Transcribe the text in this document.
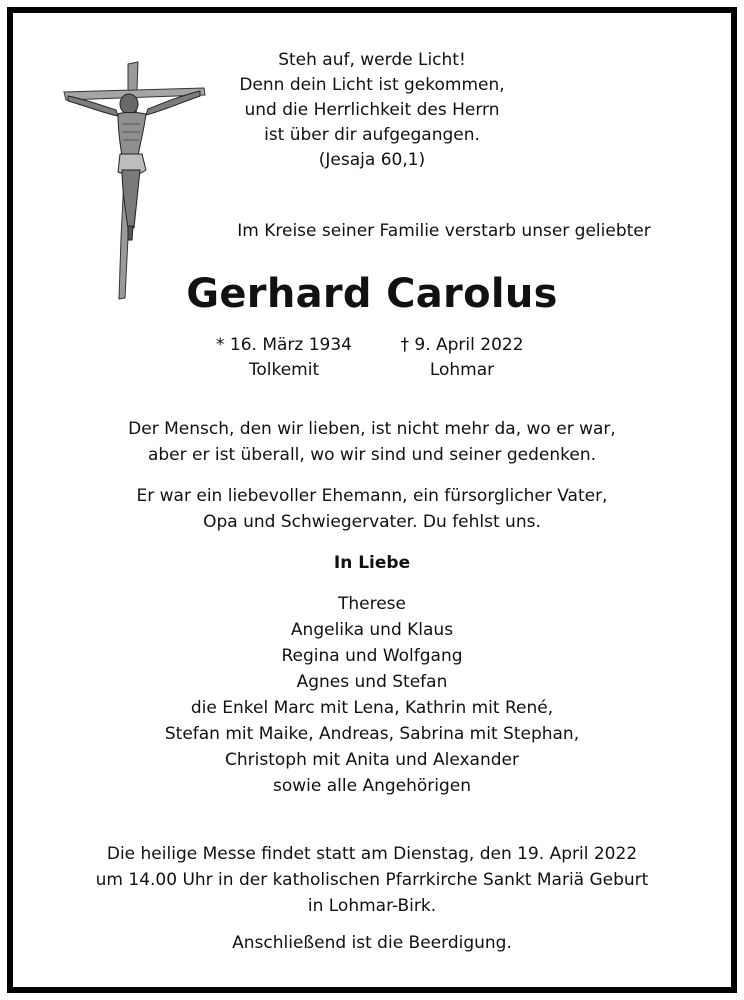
Steh auf, werde Licht!
Denn dein Licht ist gekommen,
und die Herrlichkeit des Herrn
ist über dir aufgegangen.
(Jesaja 60,1)
Im Kreise seiner Familie verstarb unser geliebter
Gerhard Carolus
* 16. März 1934
Tolkemit
† 9. April 2022
Lohmar
Der Mensch, den wir lieben, ist nicht mehr da, wo er war,
aber er ist überall, wo wir sind und seiner gedenken.
Er war ein liebevoller Ehemann, ein fürsorglicher Vater,
Opa und Schwiegervater. Du fehlst uns.
In Liebe
Therese
Angelika und Klaus
Regina und Wolfgang
Agnes und Stefan
die Enkel Marc mit Lena, Kathrin mit René,
Stefan mit Maike, Andreas, Sabrina mit Stephan,
Christoph mit Anita und Alexander
sowie alle Angehörigen
Die heilige Messe findet statt am Dienstag, den 19. April 2022
um 14.00 Uhr in der katholischen Pfarrkirche Sankt Mariä Geburt
in Lohmar-Birk.
Anschließend ist die Beerdigung.
